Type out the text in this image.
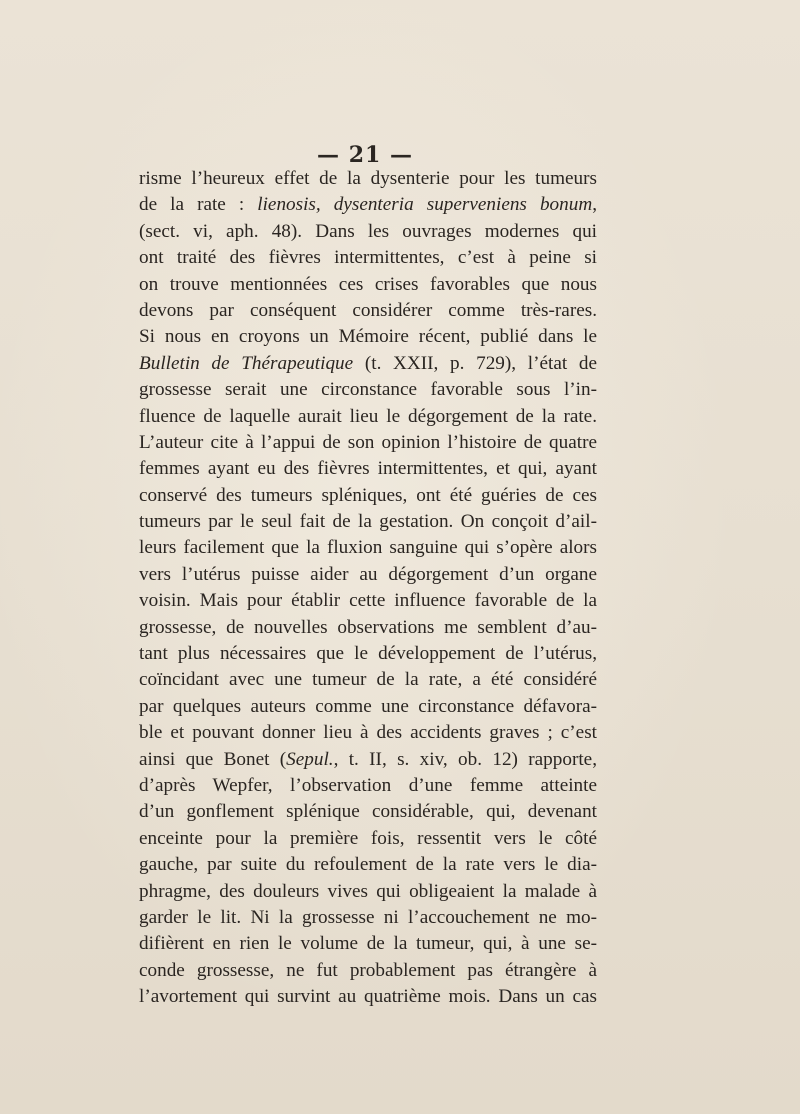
— 21 —
risme l’heureux effet de la dysenterie pour les tumeurs
de la rate : lienosis, dysenteria superveniens bonum,
(sect. vi, aph. 48). Dans les ouvrages modernes qui
ont traité des fièvres intermittentes, c’est à peine si
on trouve mentionnées ces crises favorables que nous
devons par conséquent considérer comme très-rares.
Si nous en croyons un Mémoire récent, publié dans le
Bulletin de Thérapeutique (t. XXII, p. 729), l’état de
grossesse serait une circonstance favorable sous l’in-
fluence de laquelle aurait lieu le dégorgement de la rate.
L’auteur cite à l’appui de son opinion l’histoire de quatre
femmes ayant eu des fièvres intermittentes, et qui, ayant
conservé des tumeurs spléniques, ont été guéries de ces
tumeurs par le seul fait de la gestation. On conçoit d’ail-
leurs facilement que la fluxion sanguine qui s’opère alors
vers l’utérus puisse aider au dégorgement d’un organe
voisin. Mais pour établir cette influence favorable de la
grossesse, de nouvelles observations me semblent d’au-
tant plus nécessaires que le développement de l’utérus,
coïncidant avec une tumeur de la rate, a été considéré
par quelques auteurs comme une circonstance défavora-
ble et pouvant donner lieu à des accidents graves ; c’est
ainsi que Bonet (Sepul., t. II, s. xiv, ob. 12) rapporte,
d’après Wepfer, l’observation d’une femme atteinte
d’un gonflement splénique considérable, qui, devenant
enceinte pour la première fois, ressentit vers le côté
gauche, par suite du refoulement de la rate vers le dia-
phragme, des douleurs vives qui obligeaient la malade à
garder le lit. Ni la grossesse ni l’accouchement ne mo-
difièrent en rien le volume de la tumeur, qui, à une se-
conde grossesse, ne fut probablement pas étrangère à
l’avortement qui survint au quatrième mois. Dans un cas
